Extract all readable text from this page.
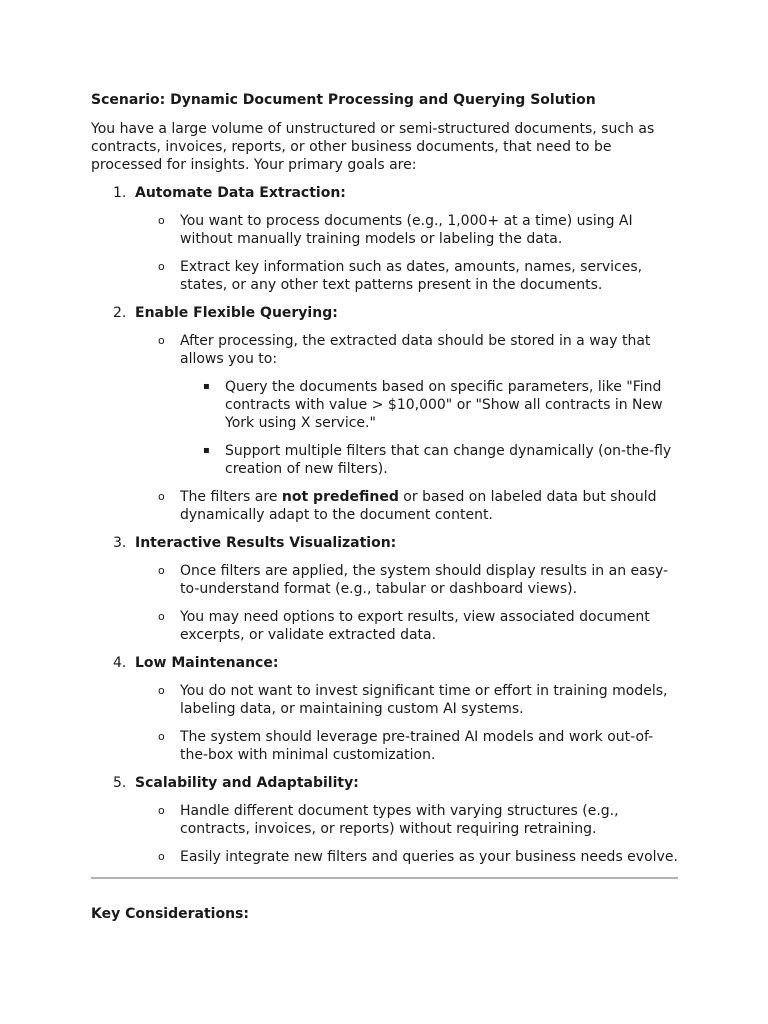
Scenario: Dynamic Document Processing and Querying Solution

You have a large volume of unstructured or semi-structured documents, such as contracts, invoices, reports, or other business documents, that need to be processed for insights. Your primary goals are:

1. Automate Data Extraction:
o You want to process documents (e.g., 1,000+ at a time) using AI without manually training models or labeling the data.
o Extract key information such as dates, amounts, names, services, states, or any other text patterns present in the documents.
2. Enable Flexible Querying:
o After processing, the extracted data should be stored in a way that allows you to:
▪ Query the documents based on specific parameters, like "Find contracts with value > $10,000" or "Show all contracts in New York using X service."
▪ Support multiple filters that can change dynamically (on-the-fly creation of new filters).
o The filters are not predefined or based on labeled data but should dynamically adapt to the document content.
3. Interactive Results Visualization:
o Once filters are applied, the system should display results in an easy-to-understand format (e.g., tabular or dashboard views).
o You may need options to export results, view associated document excerpts, or validate extracted data.
4. Low Maintenance:
o You do not want to invest significant time or effort in training models, labeling data, or maintaining custom AI systems.
o The system should leverage pre-trained AI models and work out-of-the-box with minimal customization.
5. Scalability and Adaptability:
o Handle different document types with varying structures (e.g., contracts, invoices, or reports) without requiring retraining.
o Easily integrate new filters and queries as your business needs evolve.

Key Considerations:
